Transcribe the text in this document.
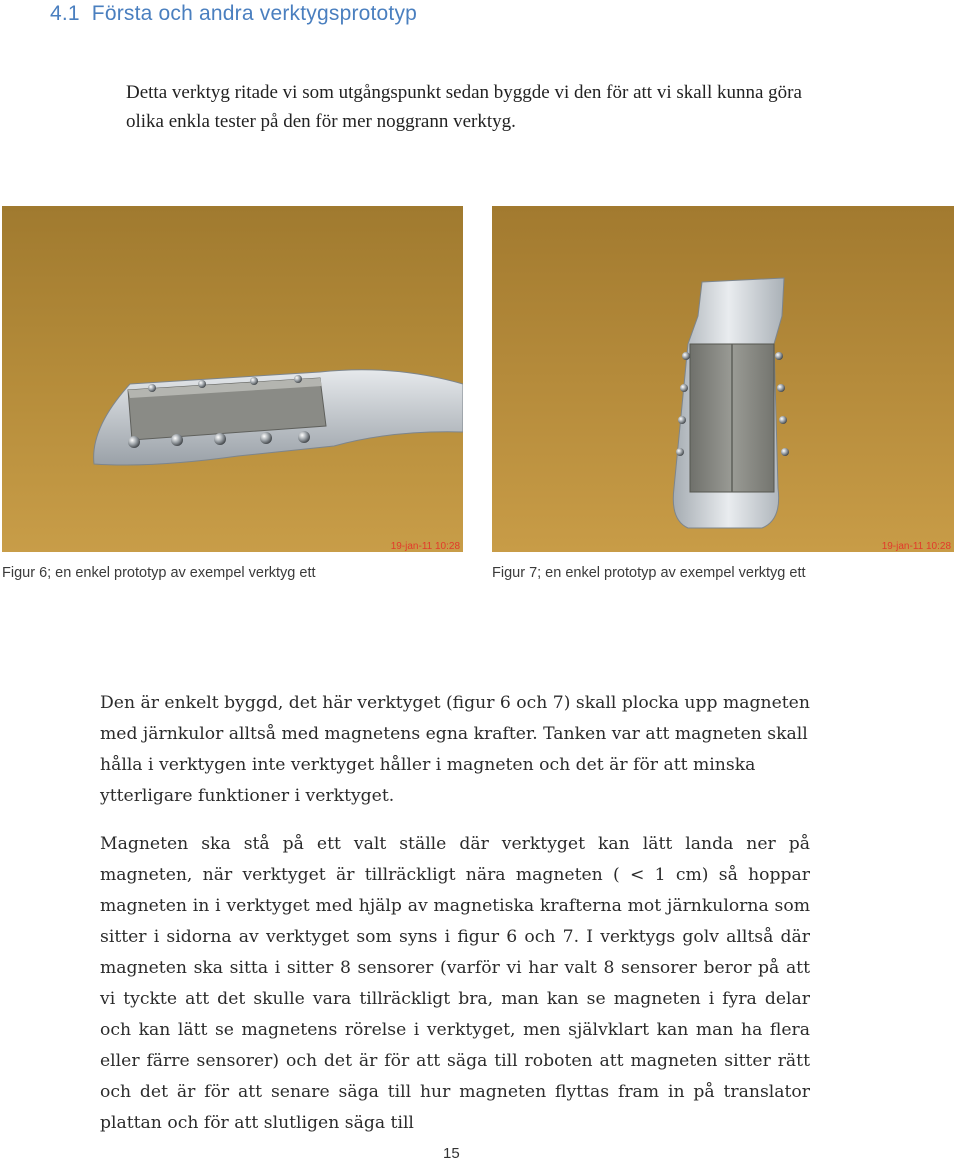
4.1 Första och andra verktygsprototyp

Detta verktyg ritade vi som utgångspunkt sedan byggde vi den för att vi skall kunna göra olika enkla tester på den för mer noggrann verktyg.

19-jan-11 10:28	19-jan-11 10:28

Figur 6; en enkel prototyp av exempel verktyg ett	Figur 7; en enkel prototyp av exempel verktyg ett

Den är enkelt byggd, det här verktyget (figur 6 och 7) skall plocka upp magneten med järnkulor alltså med magnetens egna krafter. Tanken var att magneten skall hålla i verktygen inte verktyget håller i magneten och det är för att minska ytterligare funktioner i verktyget.

Magneten ska stå på ett valt ställe där verktyget kan lätt landa ner på magneten, när verktyget är tillräckligt nära magneten ( < 1 cm) så hoppar magneten in i verktyget med hjälp av magnetiska krafterna mot järnkulorna som sitter i sidorna av verktyget som syns i figur 6 och 7. I verktygs golv alltså där magneten ska sitta i sitter 8 sensorer (varför vi har valt 8 sensorer beror på att vi tyckte att det skulle vara tillräckligt bra, man kan se magneten i fyra delar och kan lätt se magnetens rörelse i verktyget, men självklart kan man ha flera eller färre sensorer) och det är för att säga till roboten att magneten sitter rätt och det är för att senare säga till hur magneten flyttas fram in på translator plattan och för att slutligen säga till

15
